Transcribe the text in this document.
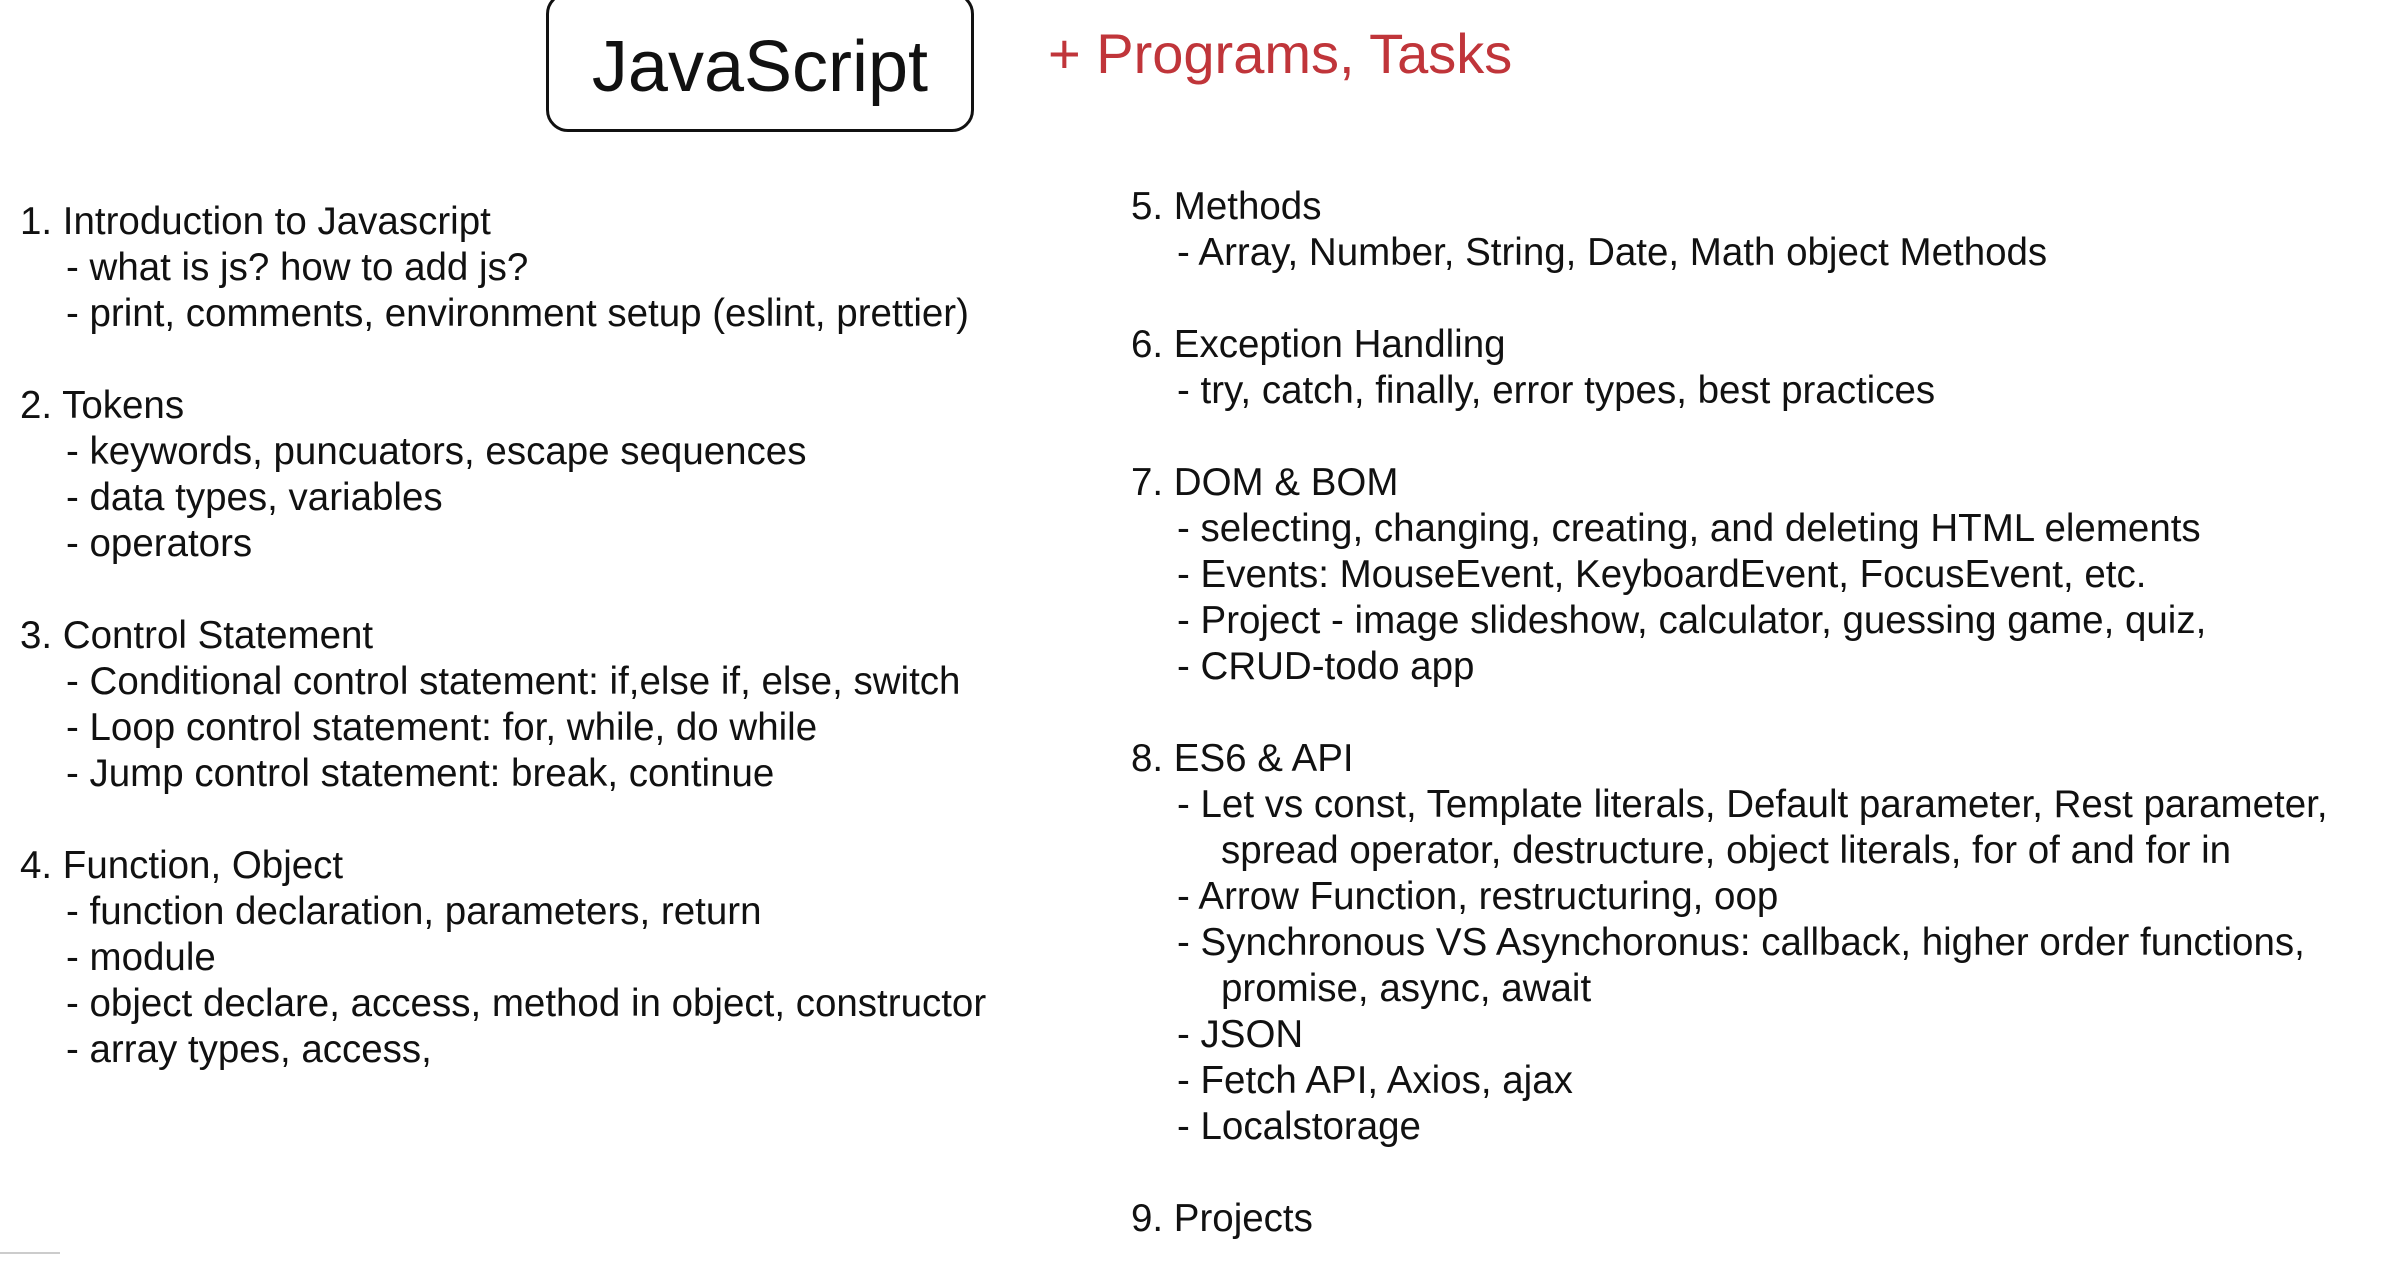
JavaScript + Programs, Tasks
1. Introduction to Javascript
- what is js? how to add js?
- print, comments, environment setup (eslint, prettier)
2. Tokens
- keywords, puncuators, escape sequences
- data types, variables
- operators
3. Control Statement
- Conditional control statement: if,else if, else, switch
- Loop control statement: for, while, do while
- Jump control statement: break, continue
4. Function, Object
- function declaration, parameters, return
- module
- object declare, access, method in object, constructor
- array types, access,
5. Methods
- Array, Number, String, Date, Math object Methods
6. Exception Handling
- try, catch, finally, error types, best practices
7. DOM & BOM
- selecting, changing, creating, and deleting HTML elements
- Events: MouseEvent, KeyboardEvent, FocusEvent, etc.
- Project - image slideshow, calculator, guessing game, quiz,
- CRUD-todo app
8. ES6 & API
- Let vs const, Template literals, Default parameter, Rest parameter,
spread operator, destructure, object literals, for of and for in
- Arrow Function, restructuring, oop
- Synchronous VS Asynchoronus: callback, higher order functions,
promise, async, await
- JSON
- Fetch API, Axios, ajax
- Localstorage
9. Projects
